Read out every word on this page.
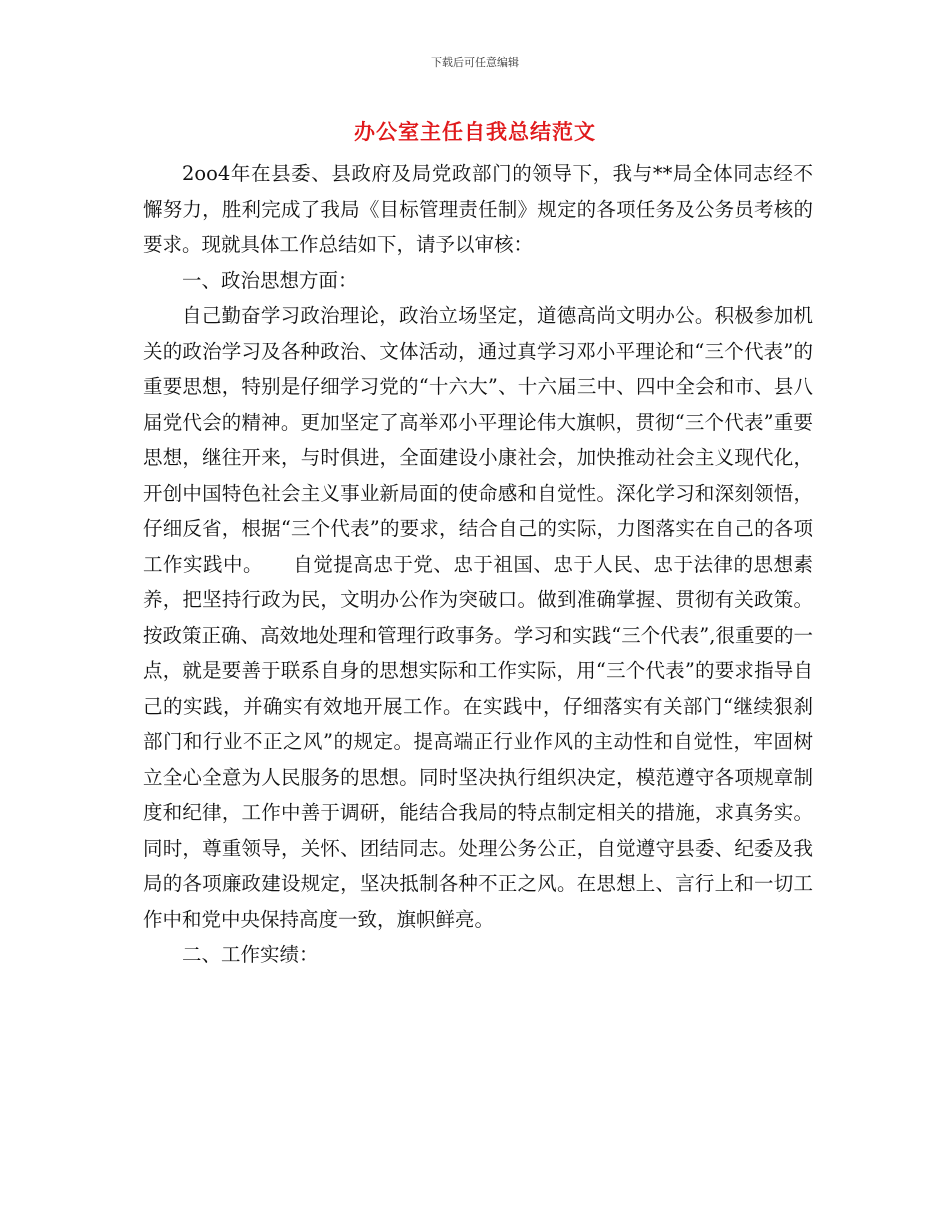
下载后可任意编辑
办公室主任自我总结范文

2oo4年在县委、县政府及局党政部门的领导下，我与**局全体同志经不懈努力，胜利完成了我局《目标管理责任制》规定的各项任务及公务员考核的要求。现就具体工作总结如下，请予以审核：

一、政治思想方面：

自己勤奋学习政治理论，政治立场坚定，道德高尚文明办公。积极参加机关的政治学习及各种政治、文体活动，通过真学习邓小平理论和“三个代表”的重要思想，特别是仔细学习党的“十六大”、十六届三中、四中全会和市、县八届党代会的精神。更加坚定了高举邓小平理论伟大旗帜，贯彻“三个代表”重要思想，继往开来，与时俱进，全面建设小康社会，加快推动社会主义现代化，开创中国特色社会主义事业新局面的使命感和自觉性。深化学习和深刻领悟，仔细反省，根据“三个代表”的要求，结合自己的实际，力图落实在自己的各项工作实践中。　　自觉提高忠于党、忠于祖国、忠于人民、忠于法律的思想素养，把坚持行政为民，文明办公作为突破口。做到准确掌握、贯彻有关政策。按政策正确、高效地处理和管理行政事务。学习和实践“三个代表”,很重要的一点，就是要善于联系自身的思想实际和工作实际，用“三个代表”的要求指导自己的实践，并确实有效地开展工作。在实践中，仔细落实有关部门“继续狠刹部门和行业不正之风”的规定。提高端正行业作风的主动性和自觉性，牢固树立全心全意为人民服务的思想。同时坚决执行组织决定，模范遵守各项规章制度和纪律，工作中善于调研，能结合我局的特点制定相关的措施，求真务实。同时，尊重领导，关怀、团结同志。处理公务公正，自觉遵守县委、纪委及我局的各项廉政建设规定，坚决抵制各种不正之风。在思想上、言行上和一切工作中和党中央保持高度一致，旗帜鲜亮。

二、工作实绩：
